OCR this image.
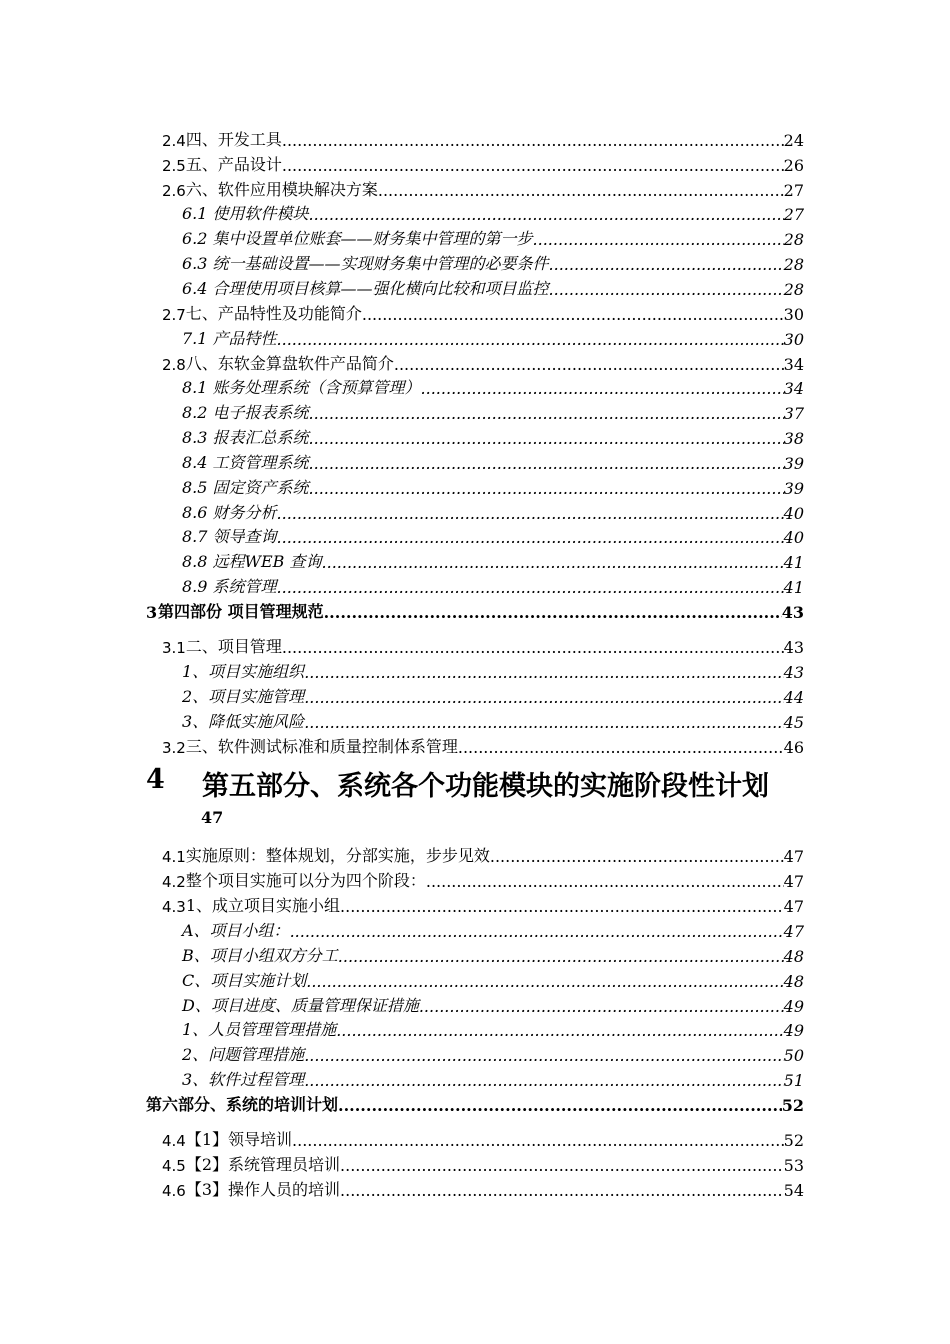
2.4 四、开发工具 .....	24
2.5 五、产品设计 .....	26
2.6 六、软件应用模块解决方案 .....	27
6.1 使用软件模块 .....	27
6.2 集中设置单位账套——财务集中管理的第一步 .....	28
6.3 统一基础设置——实现财务集中管理的必要条件 .....	28
6.4 合理使用项目核算——强化横向比较和项目监控 .....	28
2.7 七、产品特性及功能简介 .....	30
7.1 产品特性 .....	30
2.8 八、东软金算盘软件产品简介 .....	34
8.1 账务处理系统（含预算管理） .....	34
8.2 电子报表系统 .....	37
8.3 报表汇总系统 .....	38
8.4 工资管理系统 .....	39
8.5 固定资产系统 .....	39
8.6 财务分析 .....	40
8.7 领导查询 .....	40
8.8 远程WEB 查询 .....	41
8.9 系统管理 .....	41
3 第四部份 项目管理规范 .....	43
3.1 二、项目管理 .....	43
1、项目实施组织 .....	43
2、项目实施管理 .....	44
3、降低实施风险 .....	45
3.2 三、软件测试标准和质量控制体系管理 .....	46
4	第五部分、系统各个功能模块的实施阶段性计划
47
4.1 实施原则：整体规划，分部实施，步步见效 .....	47
4.2 整个项目实施可以分为四个阶段： .....	47
4.3 1、成立项目实施小组 .....	47
A、项目小组： .....	47
B、项目小组双方分工 .....	48
C、项目实施计划 .....	48
D、项目进度、质量管理保证措施 .....	49
1、人员管理管理措施 .....	49
2、问题管理措施 .....	50
3、软件过程管理 .....	51
第六部分、系统的培训计划 .....	52
4.4 【1】领导培训 .....	52
4.5 【2】系统管理员培训 .....	53
4.6 【3】操作人员的培训 .....	54
